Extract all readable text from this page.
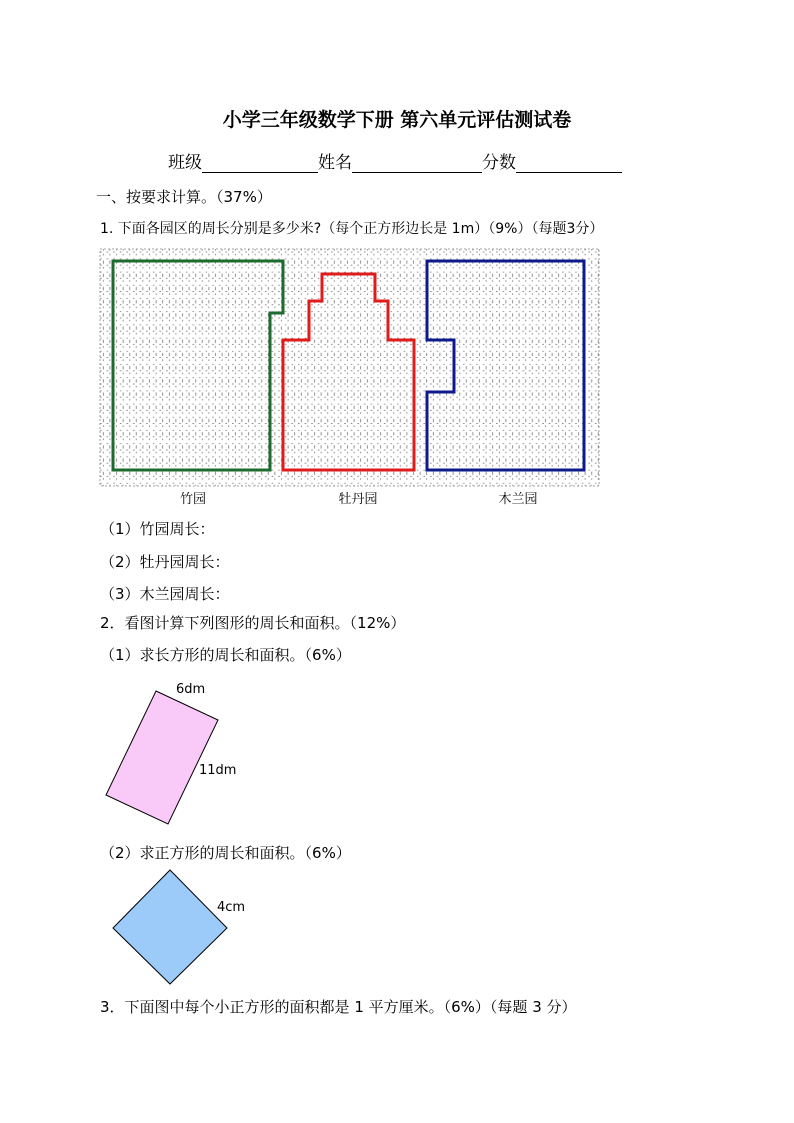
小学三年级数学下册 第六单元评估测试卷
班级	姓名	分数
一、按要求计算。（37%）
1. 下面各园区的周长分别是多少米?（每个正方形边长是 1m）（9%）（每题3分）
竹园	牡丹园	木兰园
（1）竹园周长：
（2）牡丹园周长：
（3）木兰园周长：
2．看图计算下列图形的周长和面积。（12%）
（1）求长方形的周长和面积。（6%）
6dm
11dm
（2）求正方形的周长和面积。（6%）
4cm
3．下面图中每个小正方形的面积都是 1 平方厘米。（6%）（每题 3 分）
